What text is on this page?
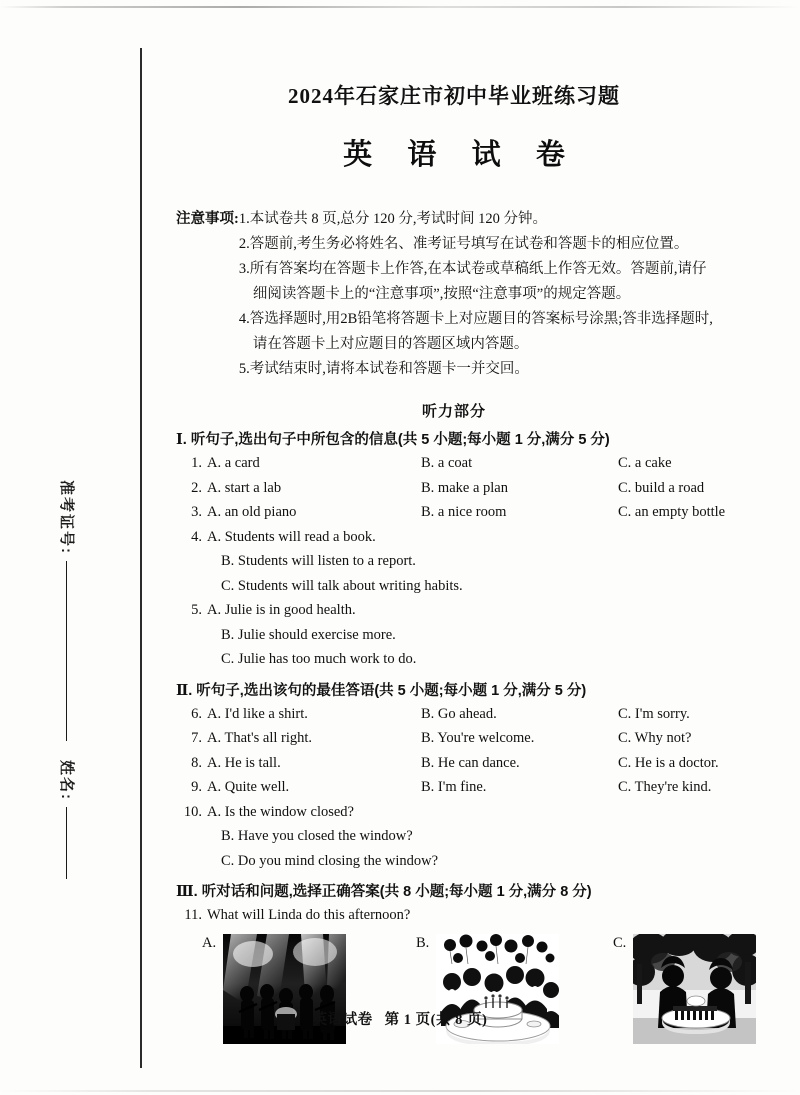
准考证号:
姓名:
2024年石家庄市初中毕业班练习题
英 语 试 卷
注意事项: 1. 本试卷共 8 页,总分 120 分,考试时间 120 分钟。
2. 答题前,考生务必将姓名、准考证号填写在试卷和答题卡的相应位置。
3. 所有答案均在答题卡上作答,在本试卷或草稿纸上作答无效。答题前,请仔
细阅读答题卡上的“注意事项”,按照“注意事项”的规定答题。
4. 答选择题时,用2B铅笔将答题卡上对应题目的答案标号涂黑;答非选择题时,
请在答题卡上对应题目的答题区域内答题。
5. 考试结束时,请将本试卷和答题卡一并交回。
听力部分
Ⅰ. 听句子,选出句子中所包含的信息(共 5 小题;每小题 1 分,满分 5 分)
1. A. a card	B. a coat	C. a cake
2. A. start a lab	B. make a plan	C. build a road
3. A. an old piano	B. a nice room	C. an empty bottle
4. A. Students will read a book.
B. Students will listen to a report.
C. Students will talk about writing habits.
5. A. Julie is in good health.
B. Julie should exercise more.
C. Julie has too much work to do.
Ⅱ. 听句子,选出该句的最佳答语(共 5 小题;每小题 1 分,满分 5 分)
6. A. I'd like a shirt.	B. Go ahead.	C. I'm sorry.
7. A. That's all right.	B. You're welcome.	C. Why not?
8. A. He is tall.	B. He can dance.	C. He is a doctor.
9. A. Quite well.	B. I'm fine.	C. They're kind.
10. A. Is the window closed?
B. Have you closed the window?
C. Do you mind closing the window?
Ⅲ. 听对话和问题,选择正确答案(共 8 小题;每小题 1 分,满分 8 分)
11. What will Linda do this afternoon?
A.	B.	C.
英语试卷 第 1 页(共 8 页)
